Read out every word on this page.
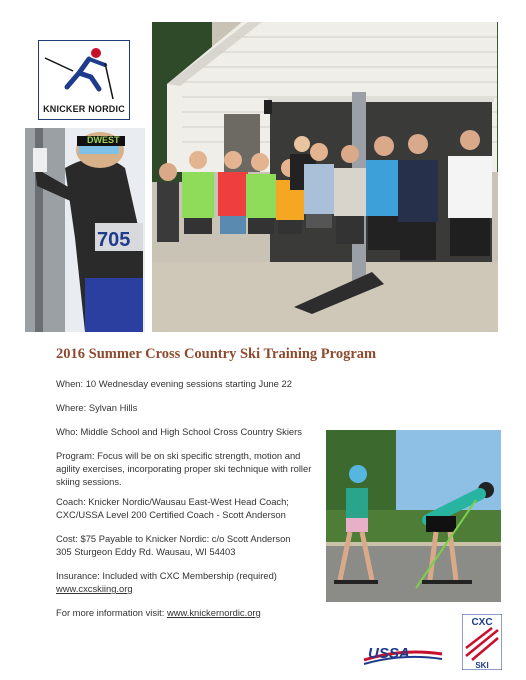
KNICKER NORDIC
DWEST
705
2016 Summer Cross Country Ski Training Program
When: 10 Wednesday evening sessions starting June 22
Where: Sylvan Hills
Who: Middle School and High School Cross Country Skiers
Program: Focus will be on ski specific strength, motion and agility exercises, incorporating proper ski technique with roller skiing sessions.
Coach: Knicker Nordic/Wausau East-West Head Coach;
CXC/USSA Level 200 Certified Coach - Scott Anderson
Cost: $75 Payable to Knicker Nordic: c/o Scott Anderson
305 Sturgeon Eddy Rd. Wausau, WI 54403
Insurance: Included with CXC Membership (required)
www.cxcskiing.org
For more information visit: www.knickernordic.org
USSA
CXC
SKI
